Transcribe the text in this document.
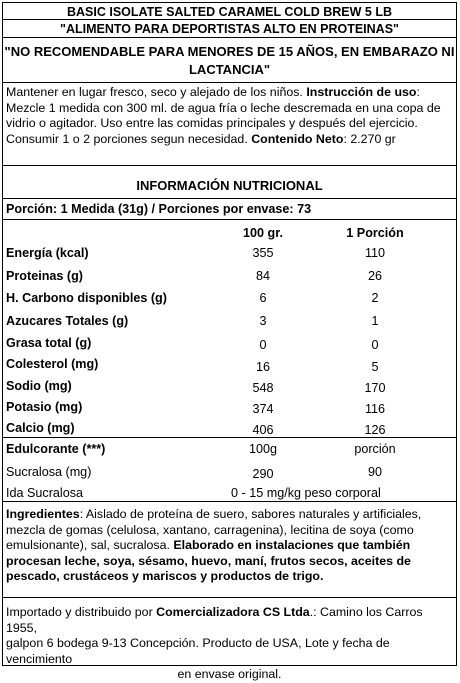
BASIC ISOLATE SALTED CARAMEL COLD BREW 5 LB
"ALIMENTO PARA DEPORTISTAS ALTO EN PROTEINAS"
"NO RECOMENDABLE PARA MENORES DE 15 AÑOS, EN EMBARAZO NI
LACTANCIA"
Mantener en lugar fresco, seco y alejado de los niños. Instrucción de uso:
Mezcle 1 medida con 300 ml. de agua fría o leche descremada en una copa de
vidrio o agitador. Uso entre las comidas principales y después del ejercicio.
Consumir 1 o 2 porciones segun necesidad. Contenido Neto: 2.270 gr
INFORMACIÓN NUTRICIONAL
Porción: 1 Medida (31g) / Porciones por envase: 73
100 gr.	1 Porción
Energía (kcal)	355	110
Proteinas (g)	84	26
H. Carbono disponibles (g)	6	2
Azucares Totales (g)	3	1
Grasa total (g)	0	0
Colesterol (mg)	16	5
Sodio (mg)	548	170
Potasio (mg)	374	116
Calcio (mg)	406	126
Edulcorante (***)	100g	porción
Sucralosa (mg)	290	90
Ida Sucralosa	0 - 15 mg/kg peso corporal
Ingredientes: Aislado de proteína de suero, sabores naturales y artificiales,
mezcla de gomas (celulosa, xantano, carragenina), lecitina de soya (como
emulsionante), sal, sucralosa. Elaborado en instalaciones que también
procesan leche, soya, sésamo, huevo, maní, frutos secos, aceites de
pescado, crustáceos y mariscos y productos de trigo.
Importado y distribuido por Comercializadora CS Ltda.: Camino los Carros 1955,
galpon 6 bodega 9-13 Concepción. Producto de USA, Lote y fecha de vencimiento
en envase original.
